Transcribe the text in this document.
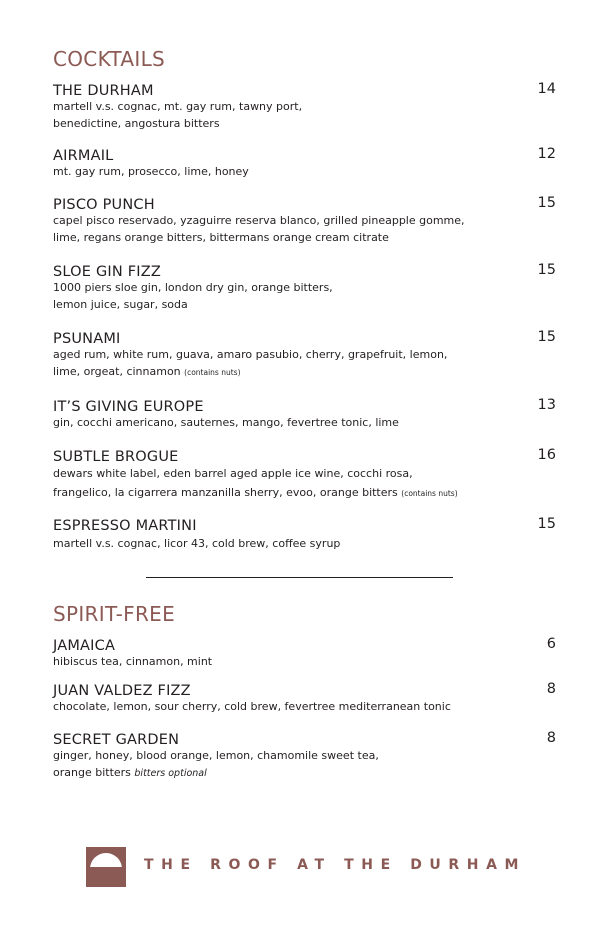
COCKTAILS
THE DURHAM	14
martell v.s. cognac, mt. gay rum, tawny port,
benedictine, angostura bitters
AIRMAIL	12
mt. gay rum, prosecco, lime, honey
PISCO PUNCH	15
capel pisco reservado, yzaguirre reserva blanco, grilled pineapple gomme,
lime, regans orange bitters, bittermans orange cream citrate
SLOE GIN FIZZ	15
1000 piers sloe gin, london dry gin, orange bitters,
lemon juice, sugar, soda
PSUNAMI	15
aged rum, white rum, guava, amaro pasubio, cherry, grapefruit, lemon,
lime, orgeat, cinnamon (contains nuts)
IT’S GIVING EUROPE	13
gin, cocchi americano, sauternes, mango, fevertree tonic, lime
SUBTLE BROGUE	16
dewars white label, eden barrel aged apple ice wine, cocchi rosa,
frangelico, la cigarrera manzanilla sherry, evoo, orange bitters (contains nuts)
ESPRESSO MARTINI	15
martell v.s. cognac, licor 43, cold brew, coffee syrup
SPIRIT-FREE
JAMAICA	6
hibiscus tea, cinnamon, mint
JUAN VALDEZ FIZZ	8
chocolate, lemon, sour cherry, cold brew, fevertree mediterranean tonic
SECRET GARDEN	8
ginger, honey, blood orange, lemon, chamomile sweet tea,
orange bitters bitters optional
THE ROOF AT THE DURHAM
